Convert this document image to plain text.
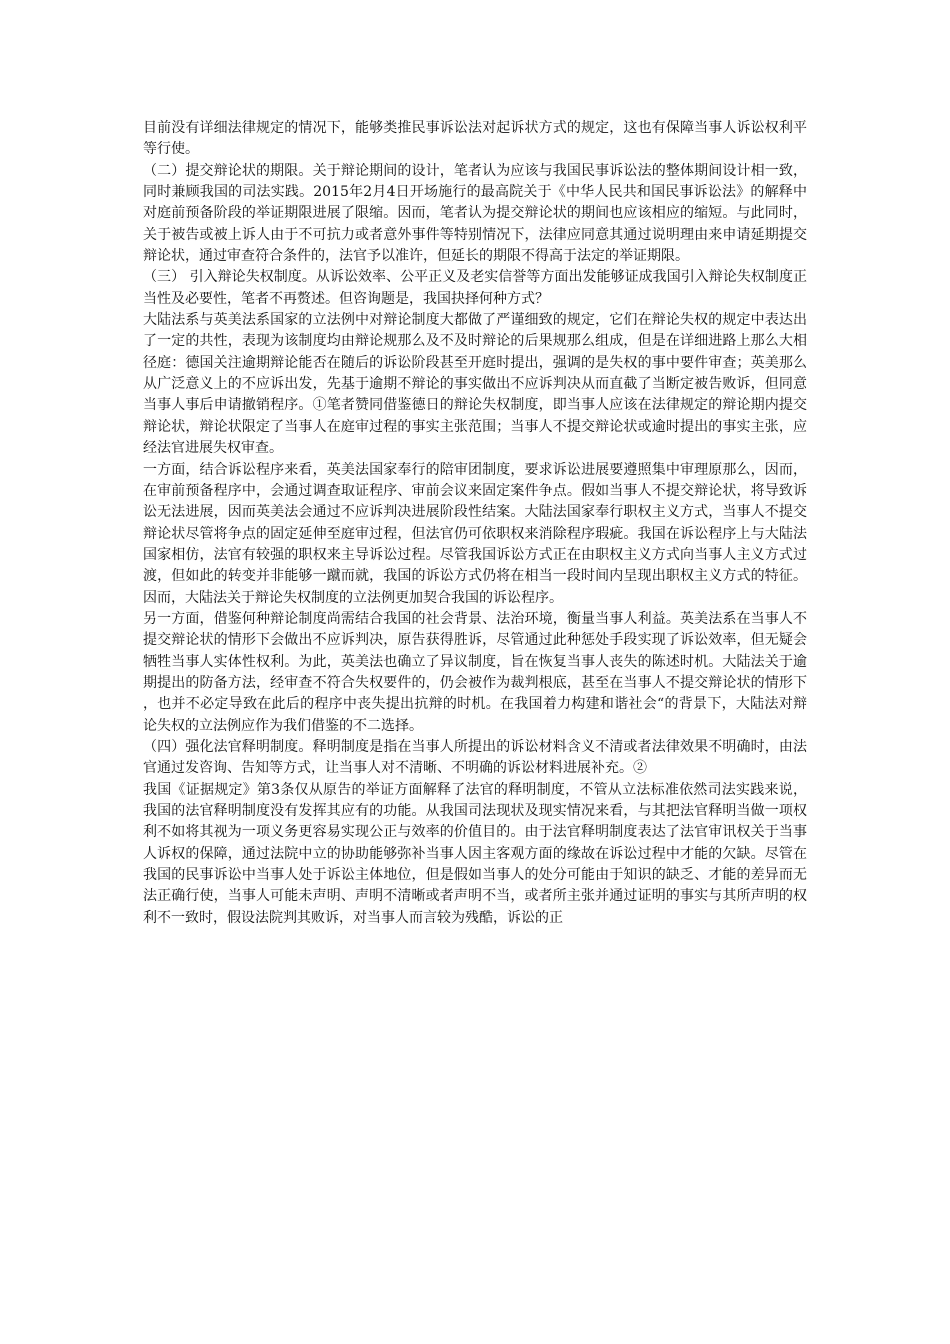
目前没有详细法律规定的情况下，能够类推民事诉讼法对起诉状方式的规定，这也有保障当事人诉讼权利平等行使。

（二）提交辩论状的期限。关于辩论期间的设计，笔者认为应该与我国民事诉讼法的整体期间设计相一致，同时兼顾我国的司法实践。2015年2月4日开场施行的最高院关于《中华人民共和国民事诉讼法》的解释中对庭前预备阶段的举证期限进展了限缩。因而，笔者认为提交辩论状的期间也应该相应的缩短。与此同时，关于被告或被上诉人由于不可抗力或者意外事件等特别情况下，法律应同意其通过说明理由来申请延期提交辩论状，通过审查符合条件的，法官予以准许，但延长的期限不得高于法定的举证期限。

（三） 引入辩论失权制度。从诉讼效率、公平正义及老实信誉等方面出发能够证成我国引入辩论失权制度正当性及必要性，笔者不再赘述。但咨询题是，我国抉择何种方式？

大陆法系与英美法系国家的立法例中对辩论制度大都做了严谨细致的规定，它们在辩论失权的规定中表达出了一定的共性，表现为该制度均由辩论规那么及不及时辩论的后果规那么组成，但是在详细进路上那么大相径庭：德国关注逾期辩论能否在随后的诉讼阶段甚至开庭时提出，强调的是失权的事中要件审查；英美那么从广泛意义上的不应诉出发，先基于逾期不辩论的事实做出不应诉判决从而直截了当断定被告败诉，但同意当事人事后申请撤销程序。①笔者赞同借鉴德日的辩论失权制度，即当事人应该在法律规定的辩论期内提交辩论状，辩论状限定了当事人在庭审过程的事实主张范围；当事人不提交辩论状或逾时提出的事实主张，应经法官进展失权审查。

一方面，结合诉讼程序来看，英美法国家奉行的陪审团制度，要求诉讼进展要遵照集中审理原那么，因而，在审前预备程序中，会通过调查取证程序、审前会议来固定案件争点。假如当事人不提交辩论状，将导致诉讼无法进展，因而英美法会通过不应诉判决进展阶段性结案。大陆法国家奉行职权主义方式，当事人不提交辩论状尽管将争点的固定延伸至庭审过程，但法官仍可依职权来消除程序瑕疵。我国在诉讼程序上与大陆法国家相仿，法官有较强的职权来主导诉讼过程。尽管我国诉讼方式正在由职权主义方式向当事人主义方式过渡，但如此的转变并非能够一蹴而就，我国的诉讼方式仍将在相当一段时间内呈现出职权主义方式的特征。因而，大陆法关于辩论失权制度的立法例更加契合我国的诉讼程序。

另一方面，借鉴何种辩论制度尚需结合我国的社会背景、法治环境，衡量当事人利益。英美法系在当事人不提交辩论状的情形下会做出不应诉判决，原告获得胜诉，尽管通过此种惩处手段实现了诉讼效率，但无疑会牺牲当事人实体性权利。为此，英美法也确立了异议制度，旨在恢复当事人丧失的陈述时机。大陆法关于逾期提出的防备方法，经审查不符合失权要件的，仍会被作为裁判根底，甚至在当事人不提交辩论状的情形下，也并不必定导致在此后的程序中丧失提出抗辩的时机。在我国着力构建和谐社会“的背景下，大陆法对辩论失权的立法例应作为我们借鉴的不二选择。

（四）强化法官释明制度。释明制度是指在当事人所提出的诉讼材料含义不清或者法律效果不明确时，由法官通过发咨询、告知等方式，让当事人对不清晰、不明确的诉讼材料进展补充。②

我国《证据规定》第3条仅从原告的举证方面解释了法官的释明制度，不管从立法标准依然司法实践来说，我国的法官释明制度没有发挥其应有的功能。从我国司法现状及现实情况来看，与其把法官释明当做一项权利不如将其视为一项义务更容易实现公正与效率的价值目的。由于法官释明制度表达了法官审讯权关于当事人诉权的保障，通过法院中立的协助能够弥补当事人因主客观方面的缘故在诉讼过程中才能的欠缺。尽管在我国的民事诉讼中当事人处于诉讼主体地位，但是假如当事人的处分可能由于知识的缺乏、才能的差异而无法正确行使，当事人可能未声明、声明不清晰或者声明不当，或者所主张并通过证明的事实与其所声明的权利不一致时，假设法院判其败诉，对当事人而言较为残酷，诉讼的正
